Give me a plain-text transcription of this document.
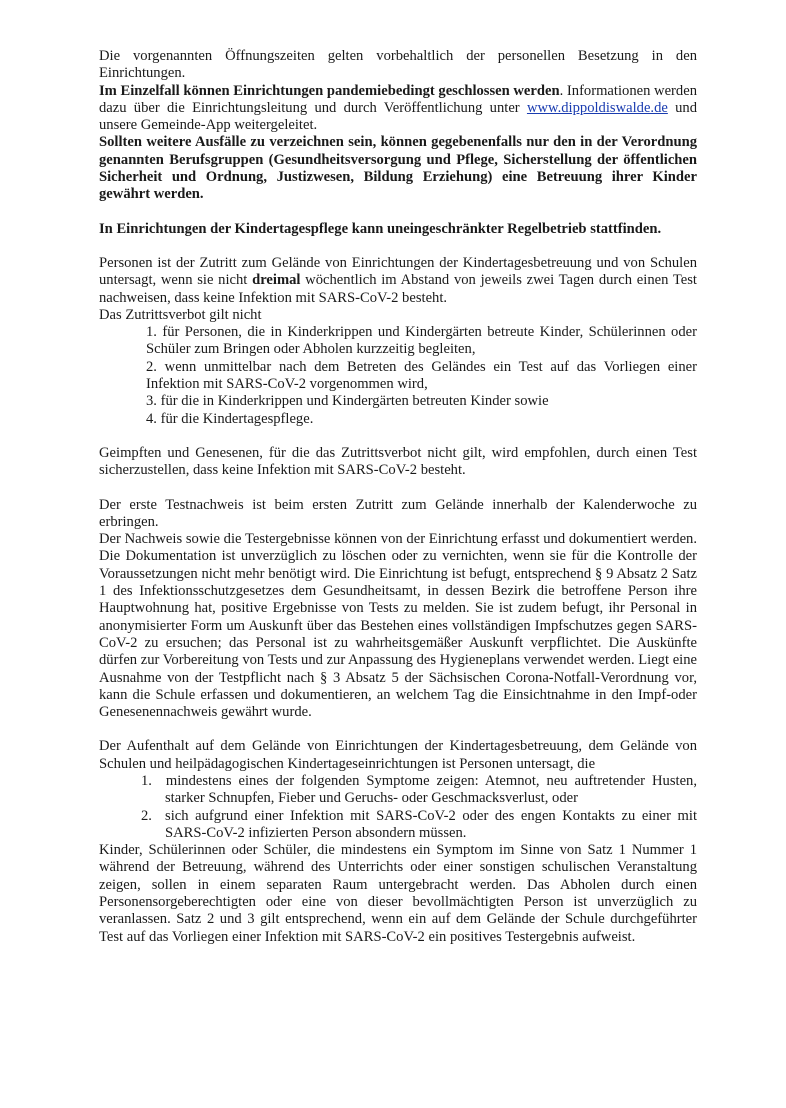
Die vorgenannten Öffnungszeiten gelten vorbehaltlich der personellen Besetzung in den Einrichtungen.

Im Einzelfall können Einrichtungen pandemiebedingt geschlossen werden. Informationen werden dazu über die Einrichtungsleitung und durch Veröffentlichung unter www.dippoldiswalde.de und unsere Gemeinde-App weitergeleitet.

Sollten weitere Ausfälle zu verzeichnen sein, können gegebenenfalls nur den in der Verordnung genannten Berufsgruppen (Gesundheitsversorgung und Pflege, Sicherstellung der öffentlichen Sicherheit und Ordnung, Justizwesen, Bildung Erziehung) eine Betreuung ihrer Kinder gewährt werden.

In Einrichtungen der Kindertagespflege kann uneingeschränkter Regelbetrieb stattfinden.

Personen ist der Zutritt zum Gelände von Einrichtungen der Kindertagesbetreuung und von Schulen untersagt, wenn sie nicht dreimal wöchentlich im Abstand von jeweils zwei Tagen durch einen Test nachweisen, dass keine Infektion mit SARS-CoV-2 besteht.

Das Zutrittsverbot gilt nicht

1. für Personen, die in Kinderkrippen und Kindergärten betreute Kinder, Schülerinnen oder Schüler zum Bringen oder Abholen kurzzeitig begleiten,
2. wenn unmittelbar nach dem Betreten des Geländes ein Test auf das Vorliegen einer Infektion mit SARS-CoV-2 vorgenommen wird,
3. für die in Kinderkrippen und Kindergärten betreuten Kinder sowie
4. für die Kindertagespflege.

Geimpften und Genesenen, für die das Zutrittsverbot nicht gilt, wird empfohlen, durch einen Test sicherzustellen, dass keine Infektion mit SARS-CoV-2 besteht.

Der erste Testnachweis ist beim ersten Zutritt zum Gelände innerhalb der Kalenderwoche zu erbringen.

Der Nachweis sowie die Testergebnisse können von der Einrichtung erfasst und dokumentiert werden. Die Dokumentation ist unverzüglich zu löschen oder zu vernichten, wenn sie für die Kontrolle der Voraussetzungen nicht mehr benötigt wird. Die Einrichtung ist befugt, entsprechend § 9 Absatz 2 Satz 1 des Infektionsschutzgesetzes dem Gesundheitsamt, in dessen Bezirk die betroffene Person ihre Hauptwohnung hat, positive Ergebnisse von Tests zu melden. Sie ist zudem befugt, ihr Personal in anonymisierter Form um Auskunft über das Bestehen eines vollständigen Impfschutzes gegen SARS-CoV-2 zu ersuchen; das Personal ist zu wahrheitsgemäßer Auskunft verpflichtet. Die Auskünfte dürfen zur Vorbereitung von Tests und zur Anpassung des Hygieneplans verwendet werden. Liegt eine Ausnahme von der Testpflicht nach § 3 Absatz 5 der Sächsischen Corona-Notfall-Verordnung vor, kann die Schule erfassen und dokumentieren, an welchem Tag die Einsichtnahme in den Impf-oder Genesenennachweis gewährt wurde.

Der Aufenthalt auf dem Gelände von Einrichtungen der Kindertagesbetreuung, dem Gelände von Schulen und heilpädagogischen Kindertageseinrichtungen ist Personen untersagt, die

1. mindestens eines der folgenden Symptome zeigen: Atemnot, neu auftretender Husten, starker Schnupfen, Fieber und Geruchs- oder Geschmacksverlust, oder
2. sich aufgrund einer Infektion mit SARS-CoV-2 oder des engen Kontakts zu einer mit SARS-CoV-2 infizierten Person absondern müssen.

Kinder, Schülerinnen oder Schüler, die mindestens ein Symptom im Sinne von Satz 1 Nummer 1 während der Betreuung, während des Unterrichts oder einer sonstigen schulischen Veranstaltung zeigen, sollen in einem separaten Raum untergebracht werden. Das Abholen durch einen Personensorgeberechtigten oder eine von dieser bevollmächtigten Person ist unverzüglich zu veranlassen. Satz 2 und 3 gilt entsprechend, wenn ein auf dem Gelände der Schule durchgeführter Test auf das Vorliegen einer Infektion mit SARS-CoV-2 ein positives Testergebnis aufweist.
